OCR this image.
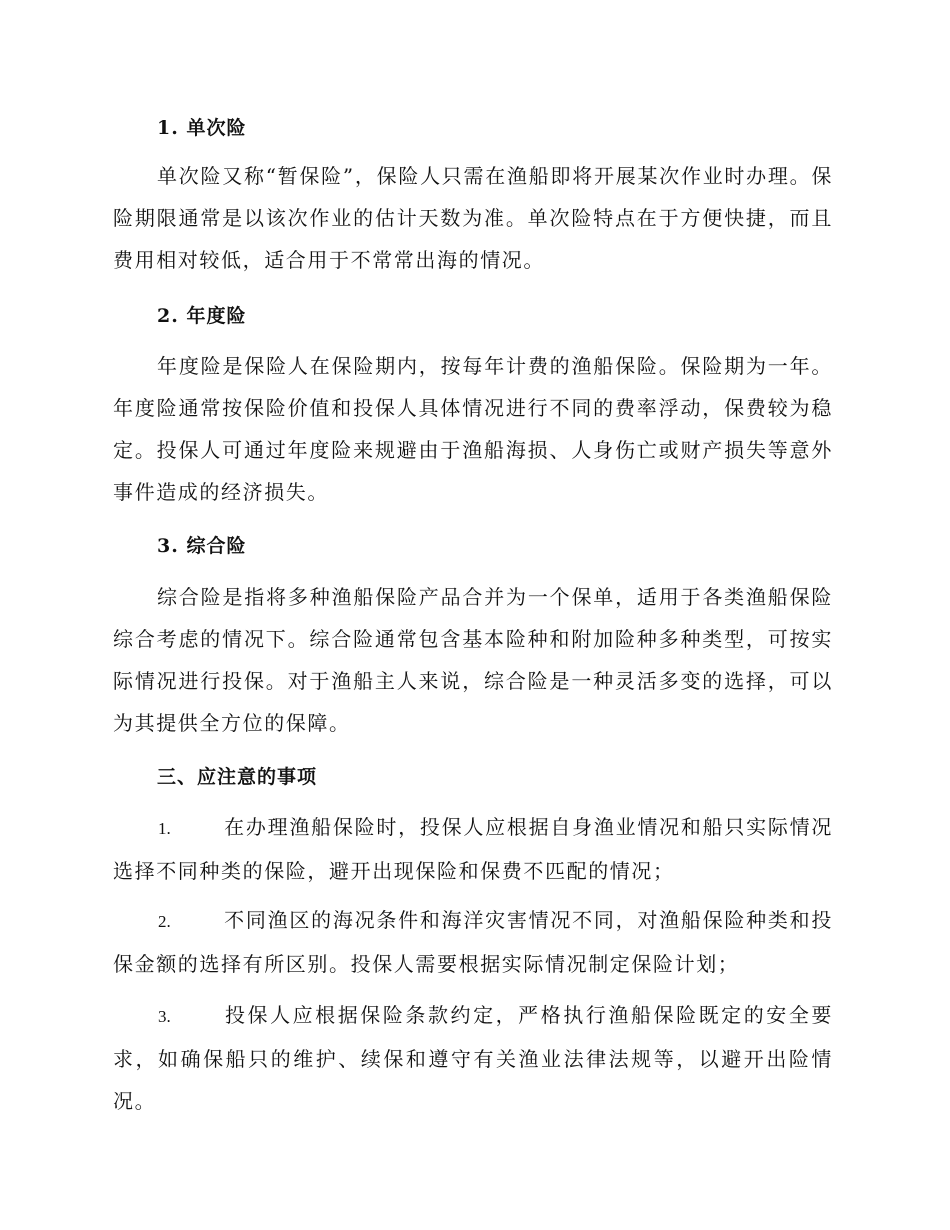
1. 单次险
单次险又称“暂保险”，保险人只需在渔船即将开展某次作业时办理。保险期限通常是以该次作业的估计天数为准。单次险特点在于方便快捷，而且费用相对较低，适合用于不常常出海的情况。
2. 年度险
年度险是保险人在保险期内，按每年计费的渔船保险。保险期为一年。年度险通常按保险价值和投保人具体情况进行不同的费率浮动，保费较为稳定。投保人可通过年度险来规避由于渔船海损、人身伤亡或财产损失等意外事件造成的经济损失。
3. 综合险
综合险是指将多种渔船保险产品合并为一个保单，适用于各类渔船保险综合考虑的情况下。综合险通常包含基本险种和附加险种多种类型，可按实际情况进行投保。对于渔船主人来说，综合险是一种灵活多变的选择，可以为其提供全方位的保障。
三、应注意的事项
1.	在办理渔船保险时，投保人应根据自身渔业情况和船只实际情况选择不同种类的保险，避开出现保险和保费不匹配的情况；
2.	不同渔区的海况条件和海洋灾害情况不同，对渔船保险种类和投保金额的选择有所区别。投保人需要根据实际情况制定保险计划；
3.	投保人应根据保险条款约定，严格执行渔船保险既定的安全要求，如确保船只的维护、续保和遵守有关渔业法律法规等，以避开出险情况。
